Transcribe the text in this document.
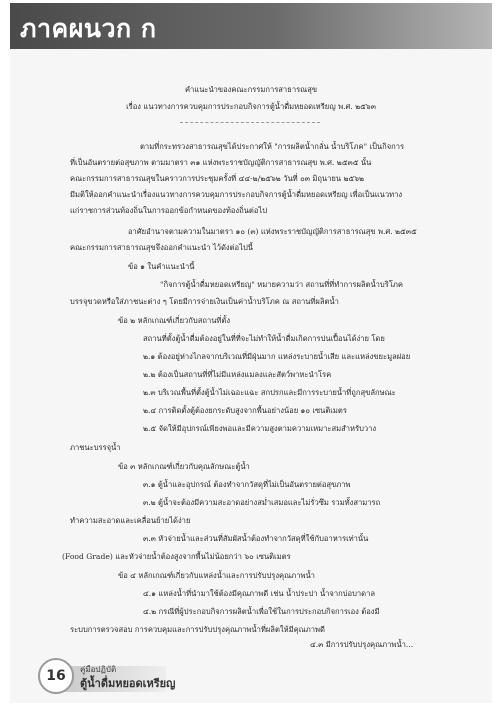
ภาคผนวก ก
คำแนะนำของคณะกรรมการสาธารณสุข
เรื่อง แนวทางการควบคุมการประกอบกิจการตู้น้ำดื่มหยอดเหรียญ พ.ศ. ๒๕๖๓
ตามที่กระทรวงสาธารณสุขได้ประกาศให้ "การผลิตน้ำกลั่น น้ำบริโภค" เป็นกิจการ
ที่เป็นอันตรายต่อสุขภาพ ตามมาตรา ๓๑ แห่งพระราชบัญญัติการสาธารณสุข พ.ศ. ๒๕๓๕ นั้น
คณะกรรมการสาธารณสุขในคราวการประชุมครั้งที่ ๔๔-๒/๒๕๖๒ วันที่ ๐๓ มิถุนายน ๒๕๖๒
มีมติให้ออกคำแนะนำเรื่องแนวทางการควบคุมการประกอบกิจการตู้น้ำดื่มหยอดเหรียญ เพื่อเป็นแนวทาง
แก่ราชการส่วนท้องถิ่นในการออกข้อกำหนดของท้องถิ่นต่อไป
อาศัยอำนาจตามความในมาตรา ๑๐ (๓) แห่งพระราชบัญญัติการสาธารณสุข พ.ศ. ๒๕๓๕
คณะกรรมการสาธารณสุขจึงออกคำแนะนำ ไว้ดังต่อไปนี้
ข้อ ๑ ในคำแนะนำนี้
"กิจการตู้น้ำดื่มหยอดเหรียญ" หมายความว่า สถานที่ที่ทำการผลิตน้ำบริโภค
บรรจุขวดหรือใส่ภาชนะต่าง ๆ โดยมีการจ่ายเงินเป็นค่าน้ำบริโภค ณ สถานที่ผลิตน้ำ
ข้อ ๒ หลักเกณฑ์เกี่ยวกับสถานที่ตั้ง
สถานที่ตั้งตู้น้ำดื่มต้องอยู่ในที่ที่จะไม่ทำให้น้ำดื่มเกิดการปนเปื้อนได้ง่าย โดย
๒.๑ ต้องอยู่ห่างไกลจากบริเวณที่มีฝุ่นมาก แหล่งระบายน้ำเสีย และแหล่งขยะมูลฝอย
๒.๒ ต้องเป็นสถานที่ที่ไม่มีแหล่งแมลงและสัตว์พาหะนำโรค
๒.๓ บริเวณพื้นที่ตั้งตู้น้ำไม่เฉอะแฉะ สกปรกและมีการระบายน้ำที่ถูกสุขลักษณะ
๒.๔ การติดตั้งตู้ต้องยกระดับสูงจากพื้นอย่างน้อย ๑๐ เซนติเมตร
๒.๕ จัดให้มีอุปกรณ์เพียงพอและมีความสูงตามความเหมาะสมสำหรับวาง
ภาชนะบรรจุน้ำ
ข้อ ๓ หลักเกณฑ์เกี่ยวกับคุณลักษณะตู้น้ำ
๓.๑ ตู้น้ำและอุปกรณ์ ต้องทำจากวัสดุที่ไม่เป็นอันตรายต่อสุขภาพ
๓.๒ ตู้น้ำจะต้องมีความสะอาดอย่างสม่ำเสมอและไม่รั่วซึม รวมทั้งสามารถ
ทำความสะอาดและเคลื่อนย้ายได้ง่าย
๓.๓ หัวจ่ายน้ำและส่วนที่สัมผัสน้ำต้องทำจากวัสดุที่ใช้กับอาหารเท่านั้น
(Food Grade) และหัวจ่ายน้ำต้องสูงจากพื้นไม่น้อยกว่า ๖๐ เซนติเมตร
ข้อ ๔ หลักเกณฑ์เกี่ยวกับแหล่งน้ำและการปรับปรุงคุณภาพน้ำ
๔.๑ แหล่งน้ำที่นำมาใช้ต้องมีคุณภาพดี เช่น น้ำประปา น้ำจากบ่อบาดาล
๔.๒ กรณีที่ผู้ประกอบกิจการผลิตน้ำเพื่อใช้ในการประกอบกิจการเอง ต้องมี
ระบบการตรวจสอบ การควบคุมและการปรับปรุงคุณภาพน้ำที่ผลิตให้มีคุณภาพดี
๔.๓ มีการปรับปรุงคุณภาพน้ำ...
16	คู่มือปฏิบัติ
ตู้น้ำดื่มหยอดเหรียญ
